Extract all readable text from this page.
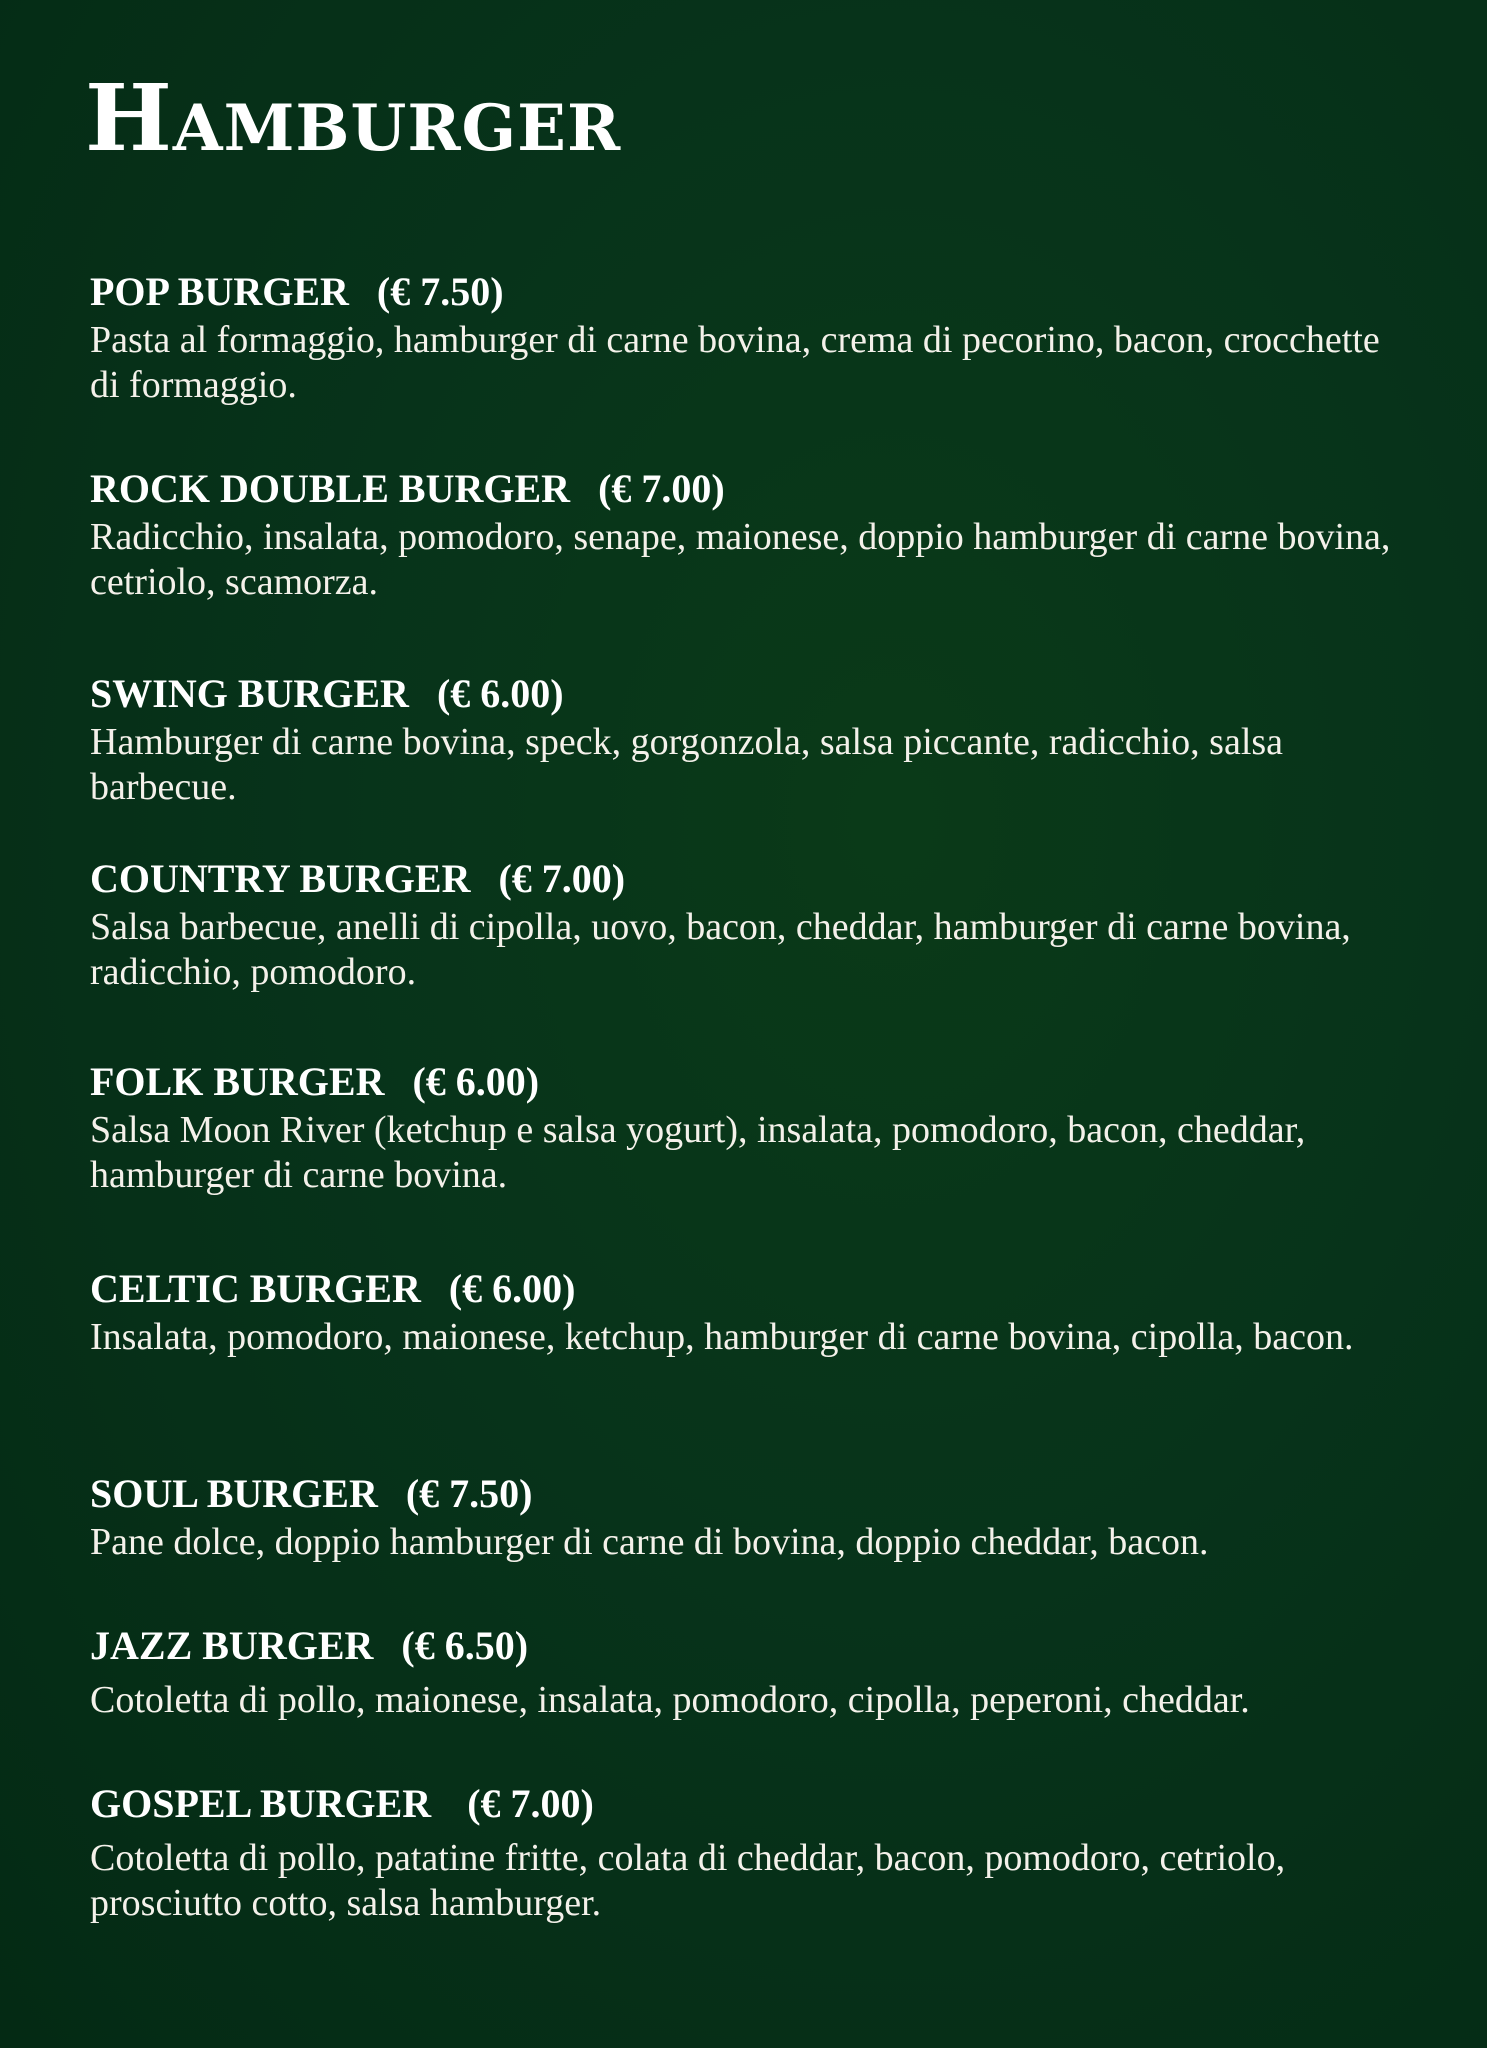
Hamburger
POP BURGER (€ 7.50)
Pasta al formaggio, hamburger di carne bovina, crema di pecorino, bacon, crocchette di formaggio.
ROCK DOUBLE BURGER (€ 7.00)
Radicchio, insalata, pomodoro, senape, maionese, doppio hamburger di carne bovina, cetriolo, scamorza.
SWING BURGER (€ 6.00)
Hamburger di carne bovina, speck, gorgonzola, salsa piccante, radicchio, salsa barbecue.
COUNTRY BURGER (€ 7.00)
Salsa barbecue, anelli di cipolla, uovo, bacon, cheddar, hamburger di carne bovina, radicchio, pomodoro.
FOLK BURGER (€ 6.00)
Salsa Moon River (ketchup e salsa yogurt), insalata, pomodoro, bacon, cheddar, hamburger di carne bovina.
CELTIC BURGER (€ 6.00)
Insalata, pomodoro, maionese, ketchup, hamburger di carne bovina, cipolla, bacon.
SOUL BURGER (€ 7.50)
Pane dolce, doppio hamburger di carne di bovina, doppio cheddar, bacon.
JAZZ BURGER (€ 6.50)
Cotoletta di pollo, maionese, insalata, pomodoro, cipolla, peperoni, cheddar.
GOSPEL BURGER (€ 7.00)
Cotoletta di pollo, patatine fritte, colata di cheddar, bacon, pomodoro, cetriolo, prosciutto cotto, salsa hamburger.
